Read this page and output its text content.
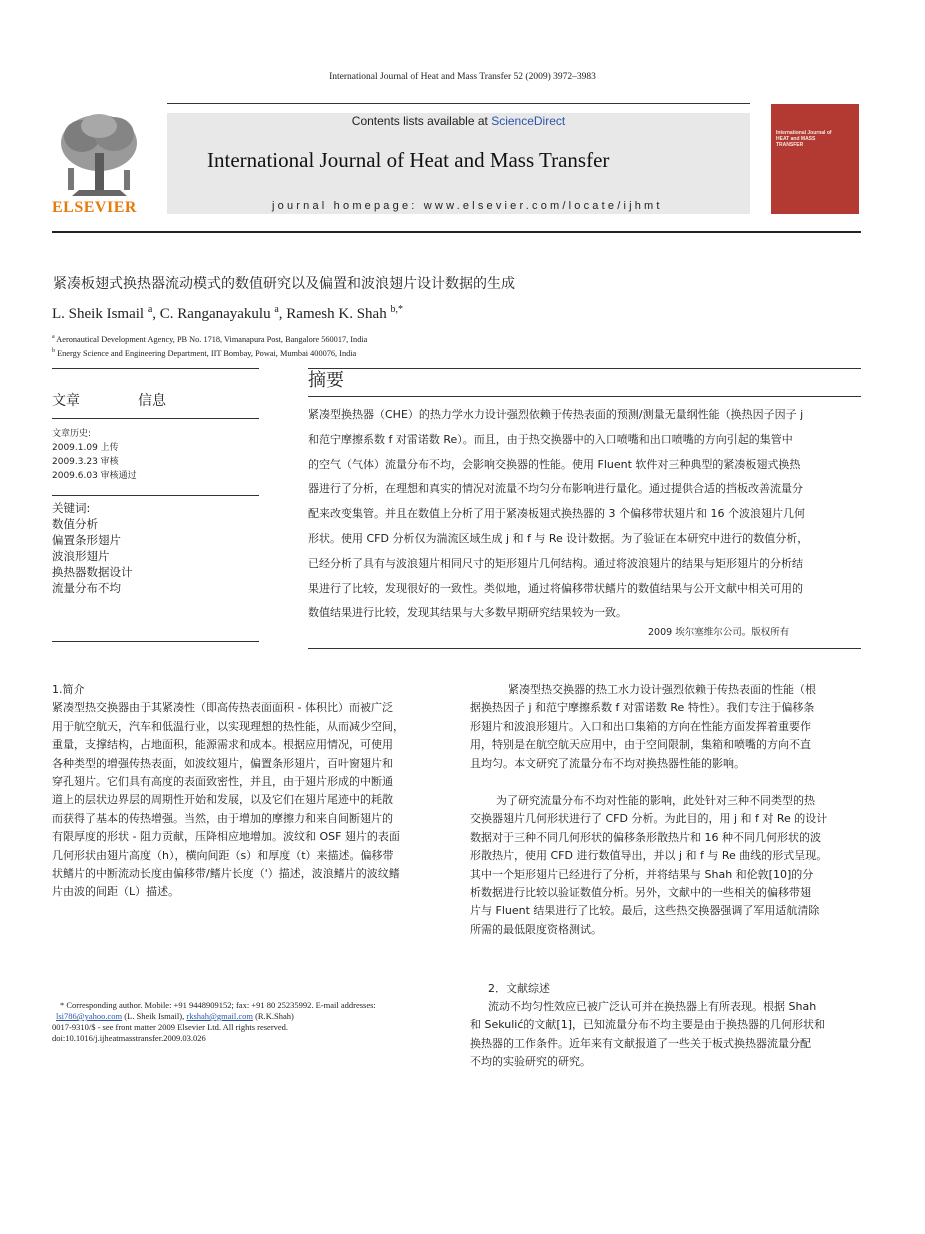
International Journal of Heat and Mass Transfer 52 (2009) 3972–3983
ELSEVIER
Contents lists available at ScienceDirect
International Journal of Heat and Mass Transfer
journal homepage: www.elsevier.com/locate/ijhmt
International Journal of HEAT and MASS TRANSFER
紧凑板翅式换热器流动模式的数值研究以及偏置和波浪翅片设计数据的生成
L. Sheik Ismail $^a$, C. Ranganayakulu $^a$, Ramesh K. Shah $^{b,*}$
$^a$ Aeronautical Development Agency, PB No. 1718, Vimanapura Post, Bangalore 560017, India
$^b$ Energy Science and Engineering Department, IIT Bombay, Powai, Mumbai 400076, India
文章	信息
文章历史:
2009.1.09 上传
2009.3.23 审核
2009.6.03 审核通过
关键词:
数值分析
偏置条形翅片
波浪形翅片
换热器数据设计
流量分布不均
摘要
紧凑型换热器（CHE）的热力学水力设计强烈依赖于传热表面的预测/测量无量纲性能（换热因子因子 j
和范宁摩擦系数 f 对雷诺数 Re）。而且，由于热交换器中的入口喷嘴和出口喷嘴的方向引起的集管中
的空气（气体）流量分布不均，会影响交换器的性能。使用 Fluent 软件对三种典型的紧凑板翅式换热
器进行了分析，在理想和真实的情况对流量不均匀分布影响进行量化。通过提供合适的挡板改善流量分
配来改变集管。并且在数值上分析了用于紧凑板翅式换热器的 3 个偏移带状翅片和 16 个波浪翅片几何
形状。使用 CFD 分析仅为湍流区域生成 j 和 f 与 Re 设计数据。为了验证在本研究中进行的数值分析，
已经分析了具有与波浪翅片相同尺寸的矩形翅片几何结构。通过将波浪翅片的结果与矩形翅片的分析结
果进行了比较，发现很好的一致性。类似地，通过将偏移带状鳍片的数值结果与公开文献中相关可用的
数值结果进行比较，发现其结果与大多数早期研究结果较为一致。
2009 埃尔塞维尔公司。版权所有
1.简介
紧凑型热交换器由于其紧凑性（即高传热表面面积 - 体积比）而被广泛
用于航空航天，汽车和低温行业，以实现理想的热性能，从而减少空间，
重量，支撑结构，占地面积，能源需求和成本。根据应用情况，可使用
各种类型的增强传热表面，如波纹翅片，偏置条形翅片，百叶窗翅片和
穿孔翅片。它们具有高度的表面致密性，并且，由于翅片形成的中断通
道上的层状边界层的周期性开始和发展，以及它们在翅片尾迹中的耗散
而获得了基本的传热增强。当然，由于增加的摩擦力和来自间断翅片的
有限厚度的形状 - 阻力贡献，压降相应地增加。波纹和 OSF 翅片的表面
几何形状由翅片高度（h），横向间距（s）和厚度（t）来描述。偏移带
状鳍片的中断流动长度由偏移带/鳍片长度（'）描述，波浪鳍片的波纹鳍
片由波的间距（L）描述。
紧凑型热交换器的热工水力设计强烈依赖于传热表面的性能（根
据换热因子 j 和范宁摩擦系数 f 对雷诺数 Re 特性）。我们专注于偏移条
形翅片和波浪形翅片。入口和出口集箱的方向在性能方面发挥着重要作
用，特别是在航空航天应用中，由于空间限制，集箱和喷嘴的方向不直
且均匀。本文研究了流量分布不均对换热器性能的影响。
为了研究流量分布不均对性能的影响，此处针对三种不同类型的热
交换器翅片几何形状进行了 CFD 分析。为此目的，用 j 和 f 对 Re 的设计
数据对于三种不同几何形状的偏移条形散热片和 16 种不同几何形状的波
形散热片，使用 CFD 进行数值导出，并以 j 和 f 与 Re 曲线的形式呈现。
其中一个矩形翅片已经进行了分析，并将结果与 Shah 和伦敦[10]的分
析数据进行比较以验证数值分析。另外，文献中的一些相关的偏移带翅
片与 Fluent 结果进行了比较。最后，这些热交换器强调了军用适航清除
所需的最低限度资格测试。
2．文献综述
流动不均匀性效应已被广泛认可并在换热器上有所表现。根据 Shah
和 Sekulić的文献[1]，已知流量分布不均主要是由于换热器的几何形状和
换热器的工作条件。近年来有文献报道了一些关于板式换热器流量分配
不均的实验研究的研究。
* Corresponding author. Mobile: +91 9448909152; fax: +91 80 25235992. E-mail addresses:
lsi786@yahoo.com (L. Sheik Ismail), rkshah@gmail.com (R.K.Shah)
0017-9310/$ - see front matter 2009 Elsevier Ltd. All rights reserved.
doi:10.1016/j.ijheatmasstransfer.2009.03.026
